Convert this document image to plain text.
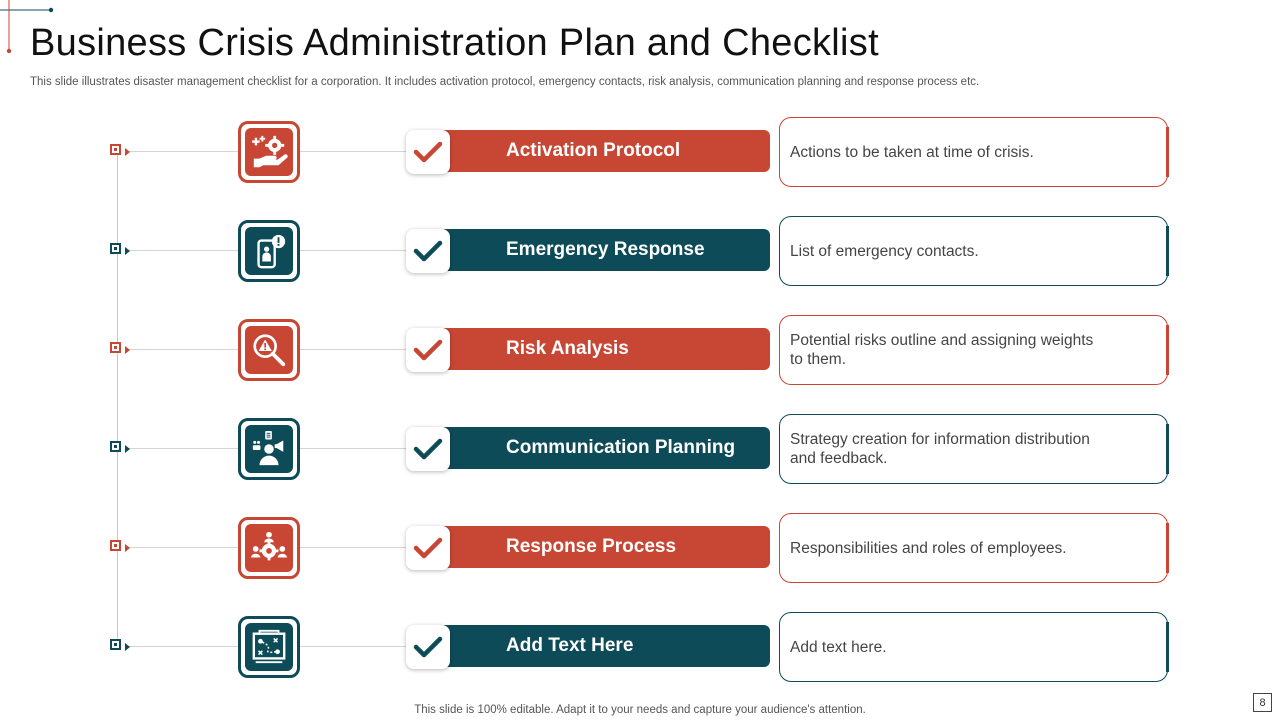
Business Crisis Administration Plan and Checklist

This slide illustrates disaster management checklist for a corporation. It includes activation protocol, emergency contacts, risk analysis, communication planning and response process etc.

Activation Protocol	Actions to be taken at time of crisis.
Emergency Response	List of emergency contacts.
Risk Analysis	Potential risks outline and assigning weights to them.
Communication Planning	Strategy creation for information distribution and feedback.
Response Process	Responsibilities and roles of employees.
Add Text Here	Add text here.
This slide is 100% editable. Adapt it to your needs and capture your audience's attention.
8
